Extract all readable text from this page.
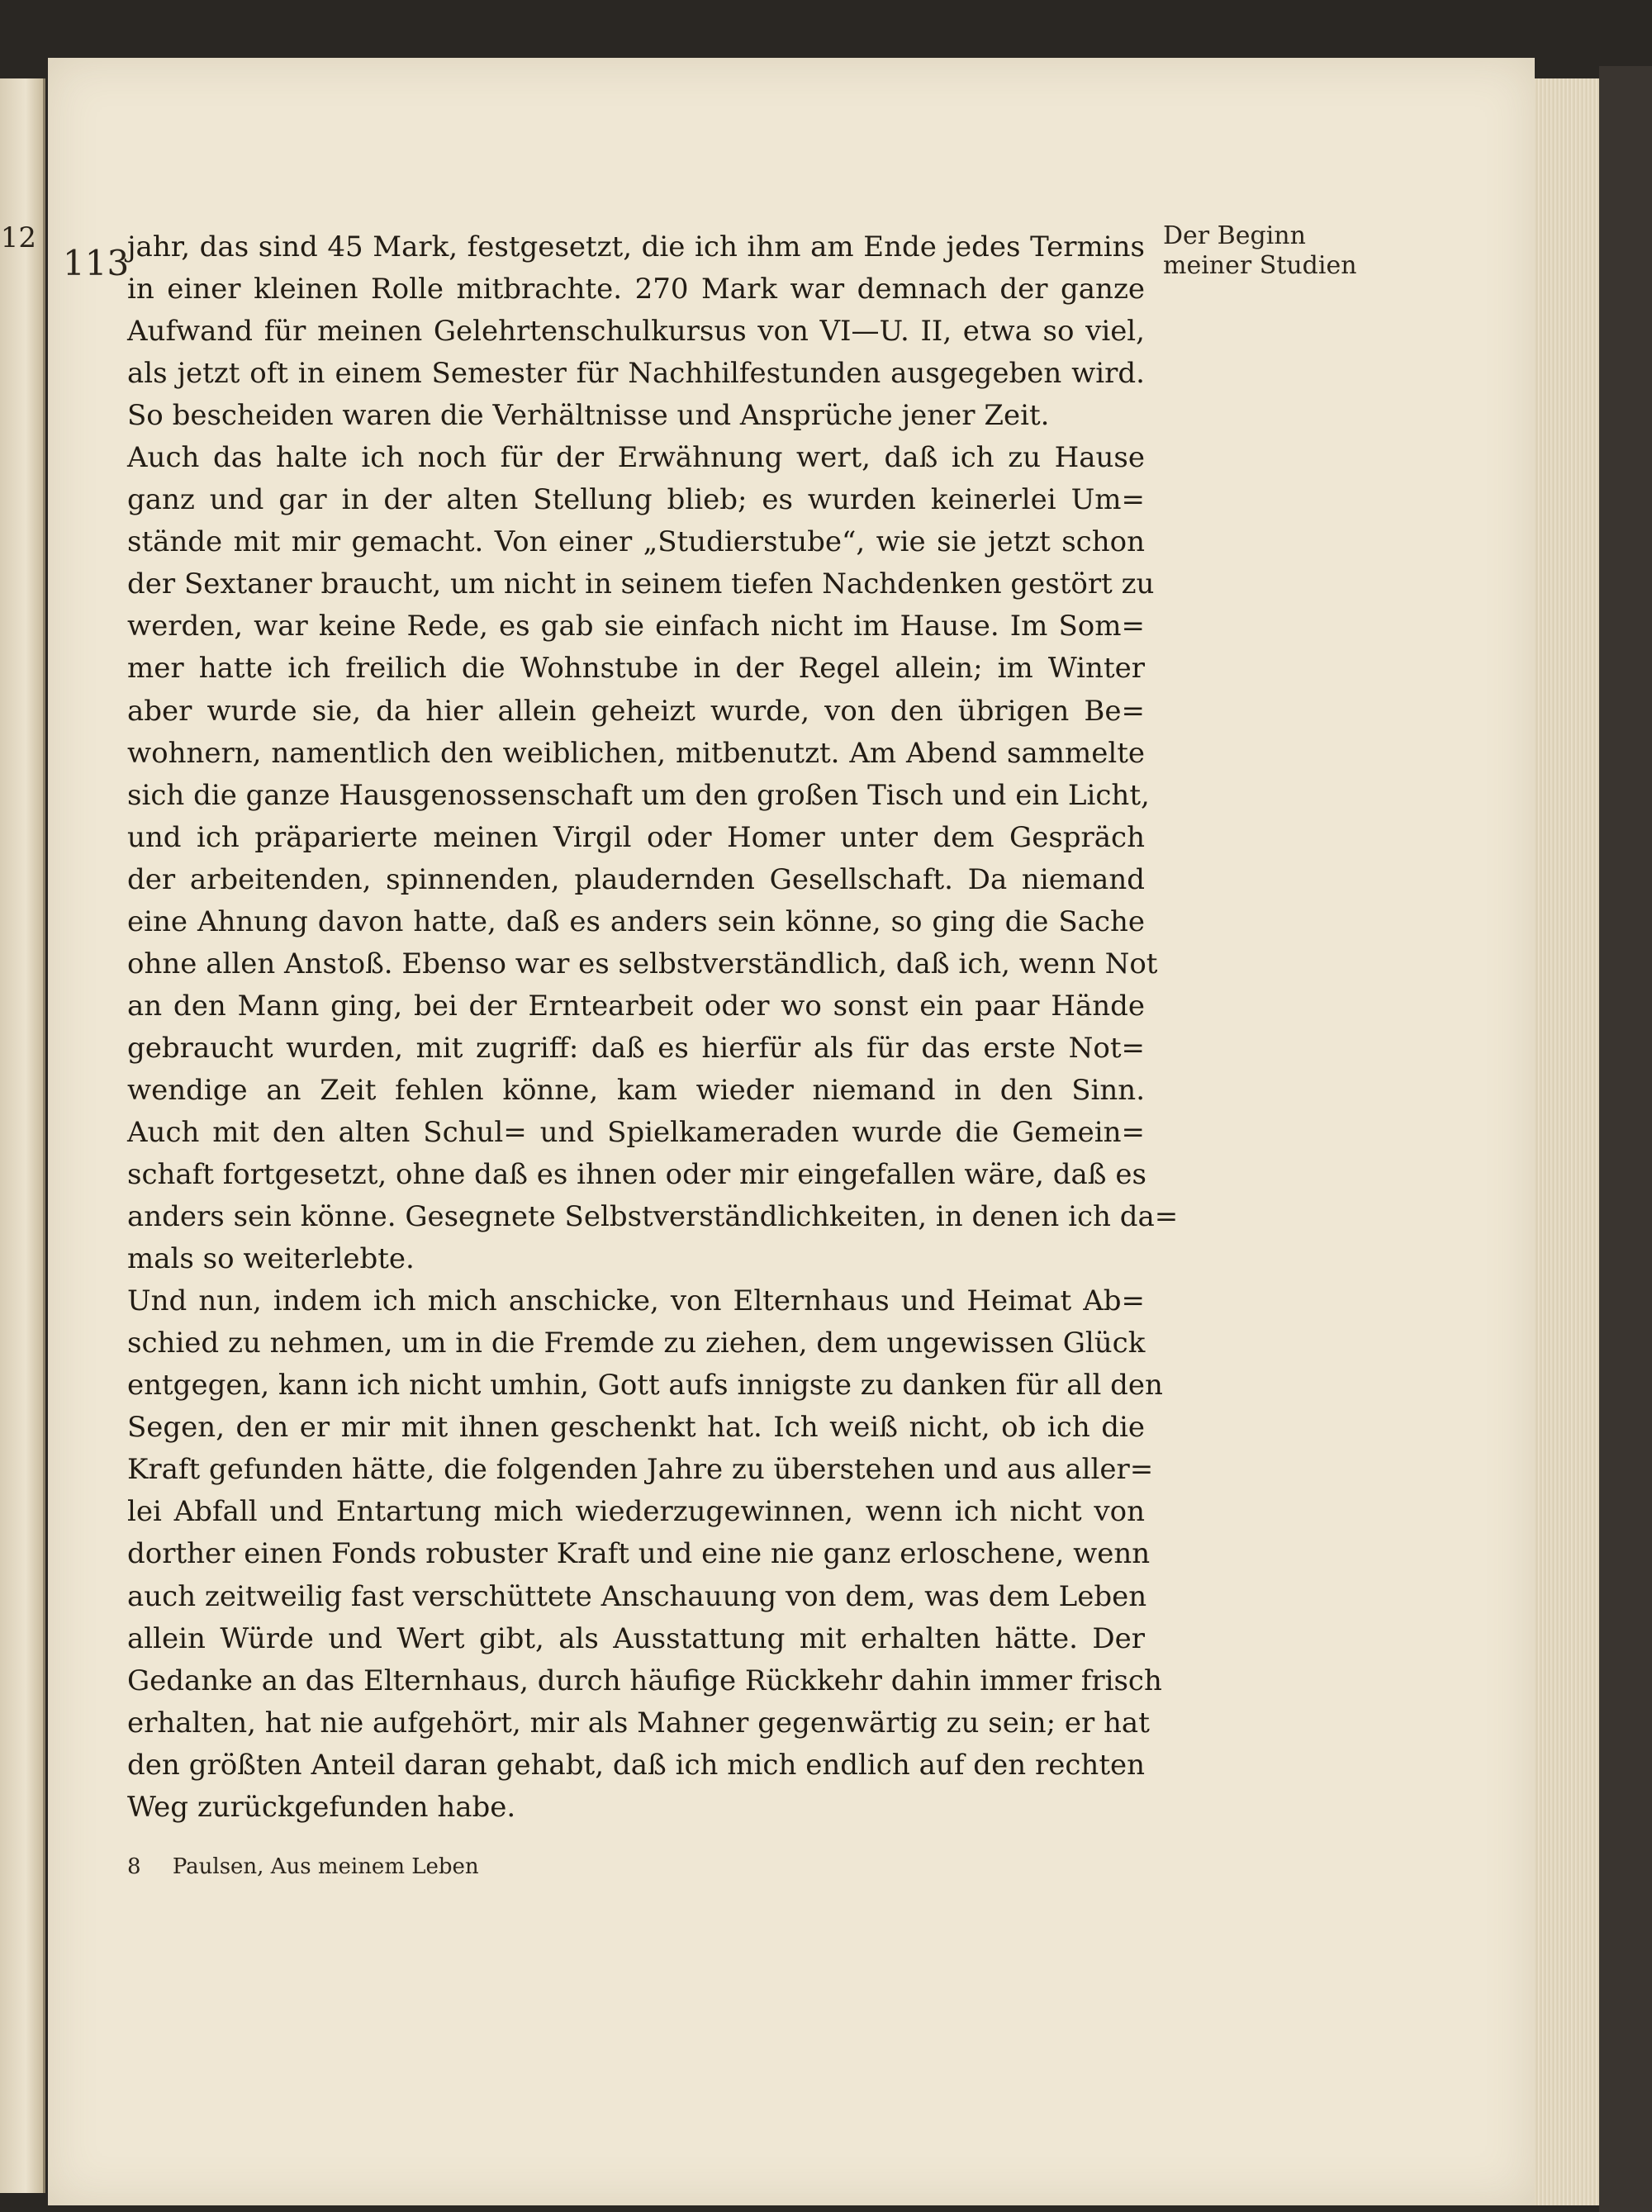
12
113
Der Beginn
meiner Studien
jahr, das sind 45 Mark, festgesetzt, die ich ihm am Ende jedes Termins
in einer kleinen Rolle mitbrachte. 270 Mark war demnach der ganze
Aufwand für meinen Gelehrtenschulkursus von VI—U. II, etwa so viel,
als jetzt oft in einem Semester für Nachhilfestunden ausgegeben wird.
So bescheiden waren die Verhältnisse und Ansprüche jener Zeit.
Auch das halte ich noch für der Erwähnung wert, daß ich zu Hause
ganz und gar in der alten Stellung blieb; es wurden keinerlei Um=
stände mit mir gemacht. Von einer „Studierstube“, wie sie jetzt schon
der Sextaner braucht, um nicht in seinem tiefen Nachdenken gestört zu
werden, war keine Rede, es gab sie einfach nicht im Hause. Im Som=
mer hatte ich freilich die Wohnstube in der Regel allein; im Winter
aber wurde sie, da hier allein geheizt wurde, von den übrigen Be=
wohnern, namentlich den weiblichen, mitbenutzt. Am Abend sammelte
sich die ganze Hausgenossenschaft um den großen Tisch und ein Licht,
und ich präparierte meinen Virgil oder Homer unter dem Gespräch
der arbeitenden, spinnenden, plaudernden Gesellschaft. Da niemand
eine Ahnung davon hatte, daß es anders sein könne, so ging die Sache
ohne allen Anstoß. Ebenso war es selbstverständlich, daß ich, wenn Not
an den Mann ging, bei der Erntearbeit oder wo sonst ein paar Hände
gebraucht wurden, mit zugriff: daß es hierfür als für das erste Not=
wendige an Zeit fehlen könne, kam wieder niemand in den Sinn.
Auch mit den alten Schul= und Spielkameraden wurde die Gemein=
schaft fortgesetzt, ohne daß es ihnen oder mir eingefallen wäre, daß es
anders sein könne. Gesegnete Selbstverständlichkeiten, in denen ich da=
mals so weiterlebte.
Und nun, indem ich mich anschicke, von Elternhaus und Heimat Ab=
schied zu nehmen, um in die Fremde zu ziehen, dem ungewissen Glück
entgegen, kann ich nicht umhin, Gott aufs innigste zu danken für all den
Segen, den er mir mit ihnen geschenkt hat. Ich weiß nicht, ob ich die
Kraft gefunden hätte, die folgenden Jahre zu überstehen und aus aller=
lei Abfall und Entartung mich wiederzugewinnen, wenn ich nicht von
dorther einen Fonds robuster Kraft und eine nie ganz erloschene, wenn
auch zeitweilig fast verschüttete Anschauung von dem, was dem Leben
allein Würde und Wert gibt, als Ausstattung mit erhalten hätte. Der
Gedanke an das Elternhaus, durch häufige Rückkehr dahin immer frisch
erhalten, hat nie aufgehört, mir als Mahner gegenwärtig zu sein; er hat
den größten Anteil daran gehabt, daß ich mich endlich auf den rechten
Weg zurückgefunden habe.
8 Paulsen, Aus meinem Leben
